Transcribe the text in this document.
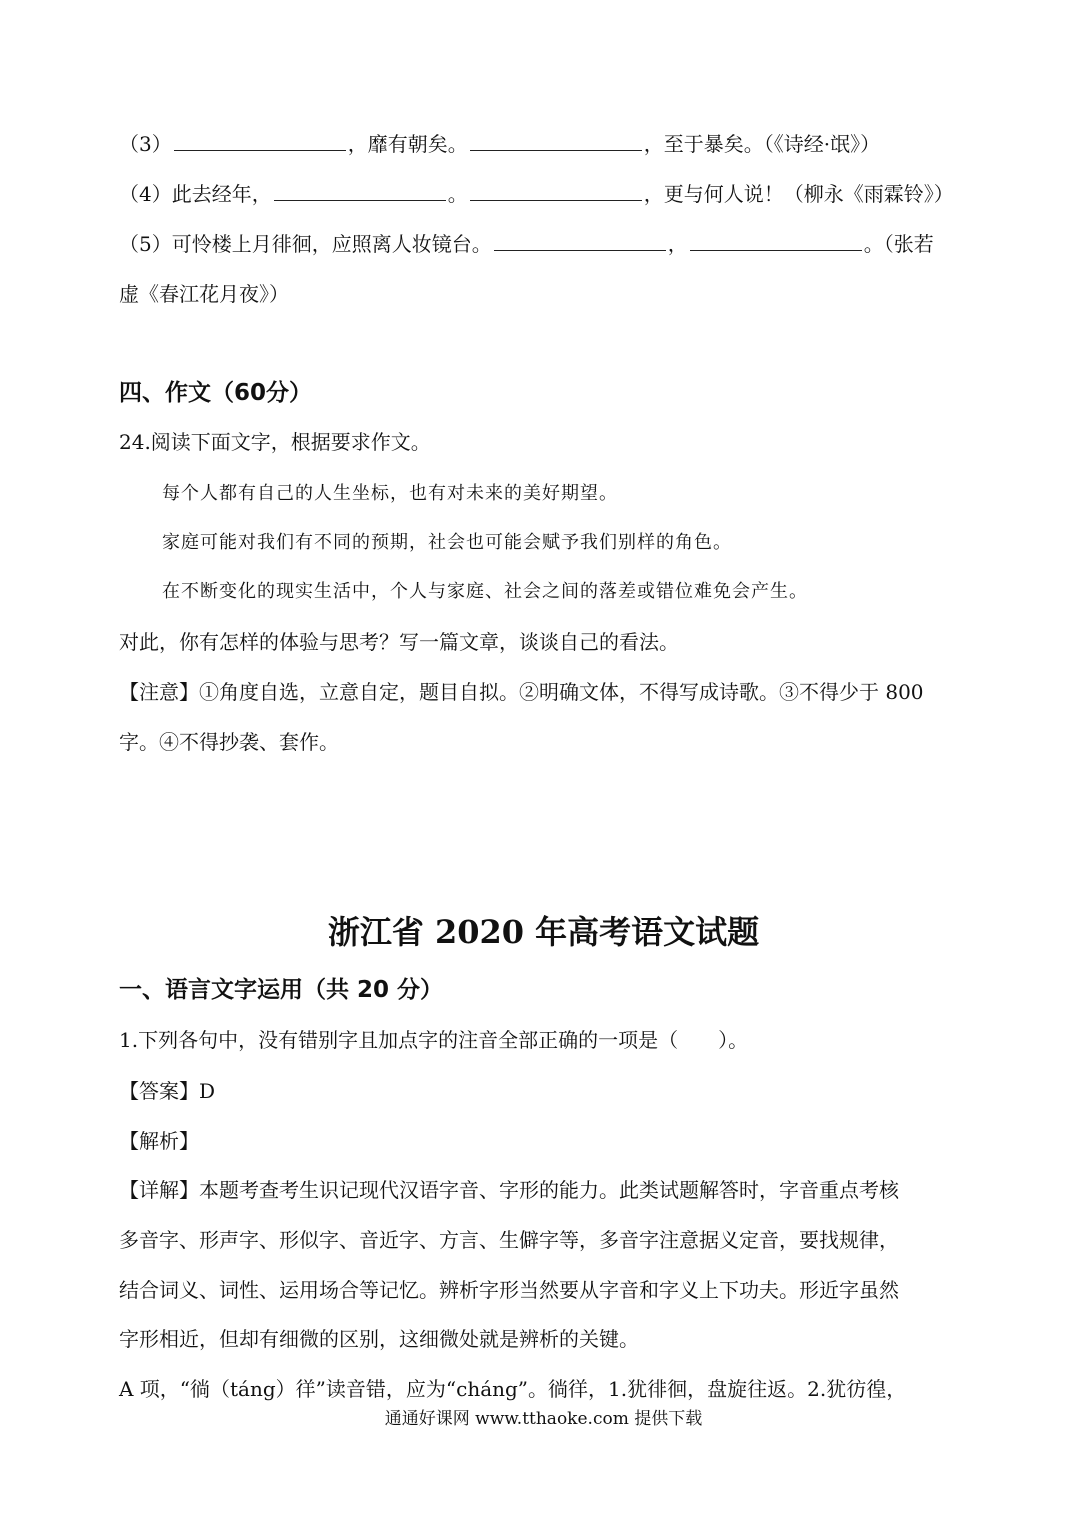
（3）	，靡有朝矣。	，至于暴矣。（《诗经·氓》）
（4）此去经年，	。	，更与何人说！（柳永《雨霖铃》）
（5）可怜楼上月徘徊，应照离人妆镜台。	，	。（张若
虚《春江花月夜》）
四、作文（60分）
24.阅读下面文字，根据要求作文。
每个人都有自己的人生坐标，也有对未来的美好期望。
家庭可能对我们有不同的预期，社会也可能会赋予我们别样的角色。
在不断变化的现实生活中，个人与家庭、社会之间的落差或错位难免会产生。
对此，你有怎样的体验与思考？写一篇文章，谈谈自己的看法。
【注意】①角度自选，立意自定，题目自拟。②明确文体，不得写成诗歌。③不得少于 800
字。④不得抄袭、套作。
浙江省 2020 年高考语文试题
一、语言文字运用（共 20 分）
1.下列各句中，没有错别字且加点字的注音全部正确的一项是（　　）。
【答案】D
【解析】
【详解】本题考查考生识记现代汉语字音、字形的能力。此类试题解答时，字音重点考核
多音字、形声字、形似字、音近字、方言、生僻字等，多音字注意据义定音，要找规律，
结合词义、词性、运用场合等记忆。辨析字形当然要从字音和字义上下功夫。形近字虽然
字形相近，但却有细微的区别，这细微处就是辨析的关键。
A 项，“徜（táng）徉”读音错，应为“cháng”。徜徉，1.犹徘徊，盘旋往返。2.犹彷徨，
通通好课网 www.tthaoke.com 提供下载
